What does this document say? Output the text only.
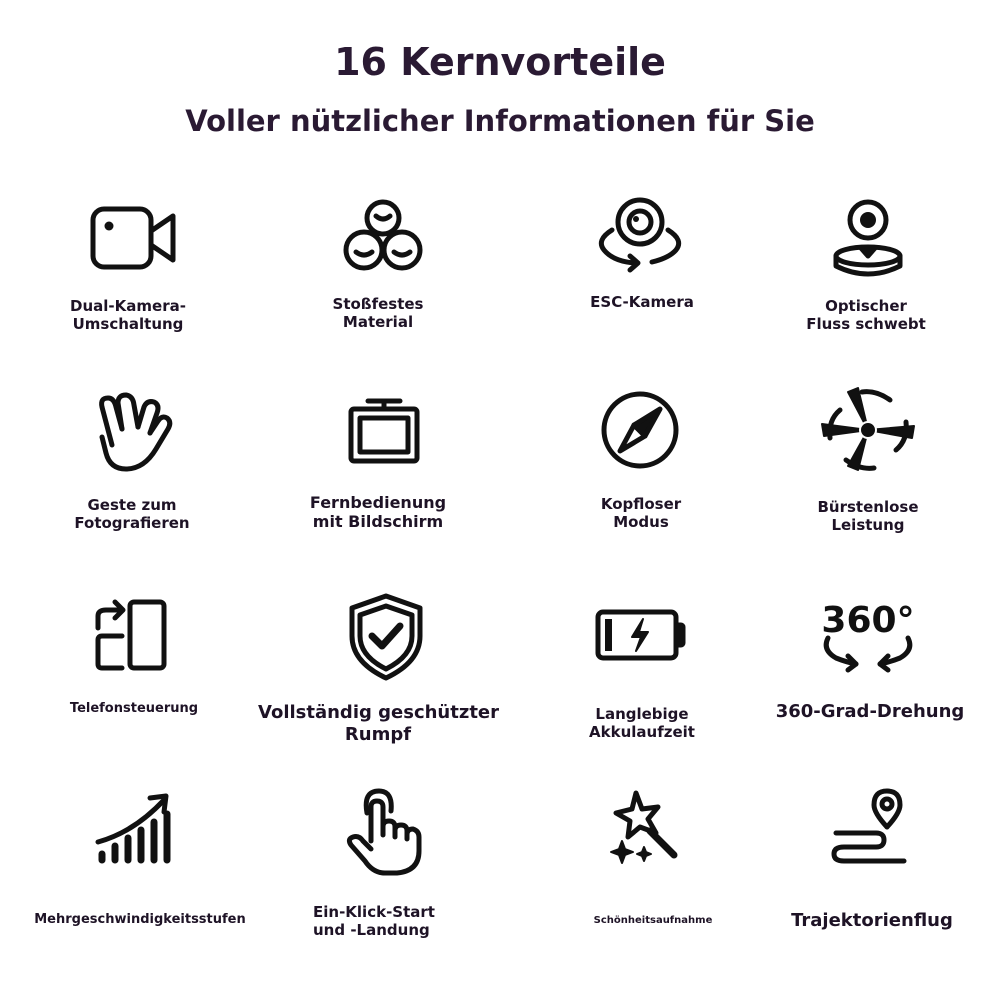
16 Kernvorteile
Voller nützlicher Informationen für Sie
Dual-Kamera-
Umschaltung
Stoßfestes
Material
ESC-Kamera	Optischer
Fluss schwebt
Geste zum
Fotografieren
Fernbedienung
mit Bildschirm
Kopfloser
Modus
Bürstenlose
Leistung
Telefonsteuerung	Vollständig geschützter
Rumpf
Langlebige
Akkulaufzeit
360°
360-Grad-Drehung
Mehrgeschwindigkeitsstufen	Ein-Klick-Start
und -Landung
Schönheitsaufnahme	Trajektorienflug
